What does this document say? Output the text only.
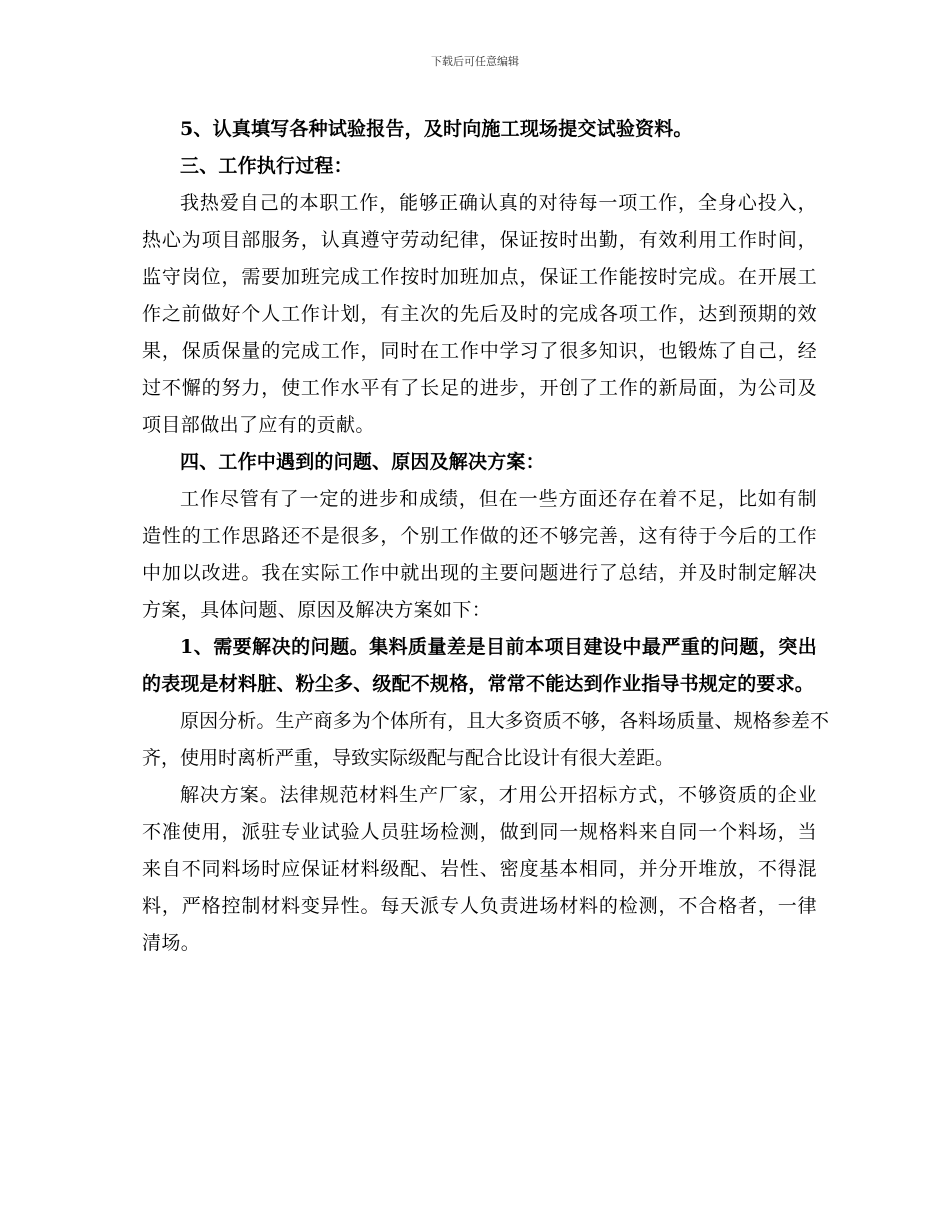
下载后可任意编辑

5、认真填写各种试验报告，及时向施工现场提交试验资料。

三、工作执行过程：

我热爱自己的本职工作，能够正确认真的对待每一项工作，全身心投入，热心为项目部服务，认真遵守劳动纪律，保证按时出勤，有效利用工作时间，监守岗位，需要加班完成工作按时加班加点，保证工作能按时完成。在开展工作之前做好个人工作计划，有主次的先后及时的完成各项工作，达到预期的效果，保质保量的完成工作，同时在工作中学习了很多知识，也锻炼了自己，经过不懈的努力，使工作水平有了长足的进步，开创了工作的新局面，为公司及项目部做出了应有的贡献。

四、工作中遇到的问题、原因及解决方案：

工作尽管有了一定的进步和成绩，但在一些方面还存在着不足，比如有制造性的工作思路还不是很多，个别工作做的还不够完善，这有待于今后的工作中加以改进。我在实际工作中就出现的主要问题进行了总结，并及时制定解决方案，具体问题、原因及解决方案如下：

1、需要解决的问题。集料质量差是目前本项目建设中最严重的问题，突出的表现是材料脏、粉尘多、级配不规格，常常不能达到作业指导书规定的要求。

原因分析。生产商多为个体所有，且大多资质不够，各料场质量、规格参差不齐，使用时离析严重，导致实际级配与配合比设计有很大差距。

解决方案。法律规范材料生产厂家，才用公开招标方式，不够资质的企业不准使用，派驻专业试验人员驻场检测，做到同一规格料来自同一个料场，当来自不同料场时应保证材料级配、岩性、密度基本相同，并分开堆放，不得混料，严格控制材料变异性。每天派专人负责进场材料的检测，不合格者，一律清场。
